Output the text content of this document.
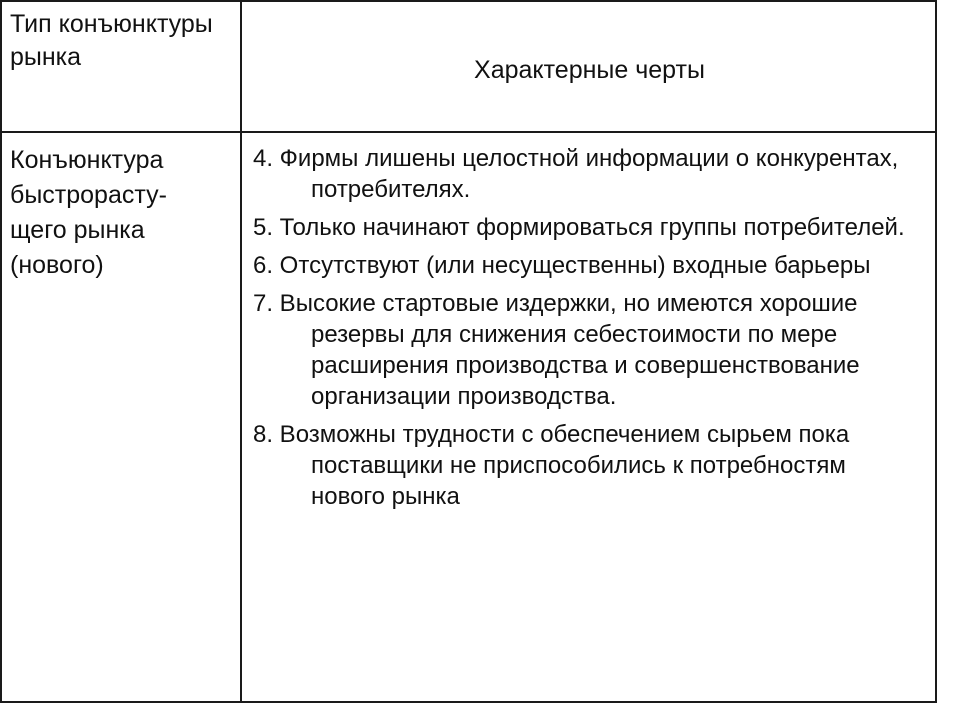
Тип конъюнктуры рынка	Характерные черты
Конъюнктура
быстрорасту-
щего рынка
(нового)
4. Фирмы лишены целостной информации о конкурентах, потребителях.
5. Только начинают формироваться группы потребителей.
6. Отсутствуют (или несущественны) входные барьеры
7. Высокие стартовые издержки, но имеются хорошие резервы для снижения себестоимости по мере расширения производства и совершенствование организации производства.
8. Возможны трудности с обеспечением сырьем пока поставщики не приспособились к потребностям нового рынка
